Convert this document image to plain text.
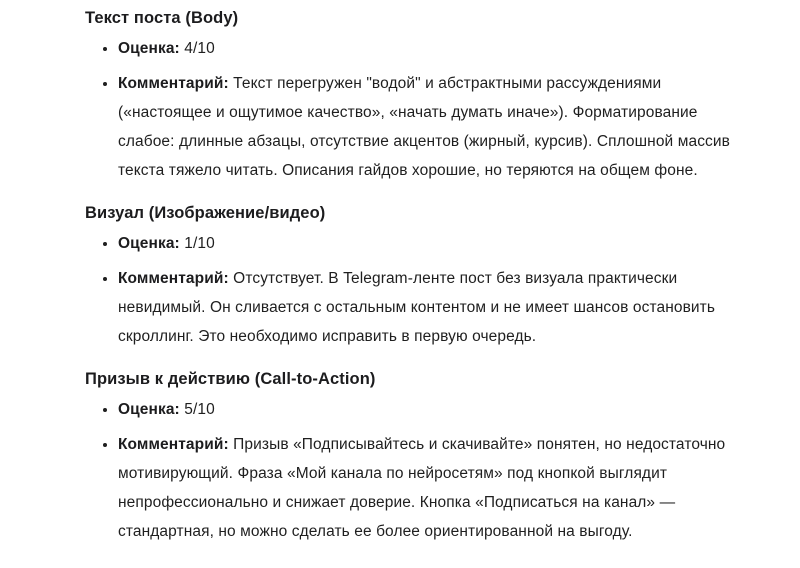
Текст поста (Body)
• Оценка: 4/10
• Комментарий: Текст перегружен "водой" и абстрактными рассуждениями («настоящее и ощутимое качество», «начать думать иначе»). Форматирование слабое: длинные абзацы, отсутствие акцентов (жирный, курсив). Сплошной массив текста тяжело читать. Описания гайдов хорошие, но теряются на общем фоне.
Визуал (Изображение/видео)
• Оценка: 1/10
• Комментарий: Отсутствует. В Telegram-ленте пост без визуала практически невидимый. Он сливается с остальным контентом и не имеет шансов остановить скроллинг. Это необходимо исправить в первую очередь.
Призыв к действию (Call-to-Action)
• Оценка: 5/10
• Комментарий: Призыв «Подписывайтесь и скачивайте» понятен, но недостаточно мотивирующий. Фраза «Мой канала по нейросетям» под кнопкой выглядит непрофессионально и снижает доверие. Кнопка «Подписаться на канал» — стандартная, но можно сделать ее более ориентированной на выгоду.
